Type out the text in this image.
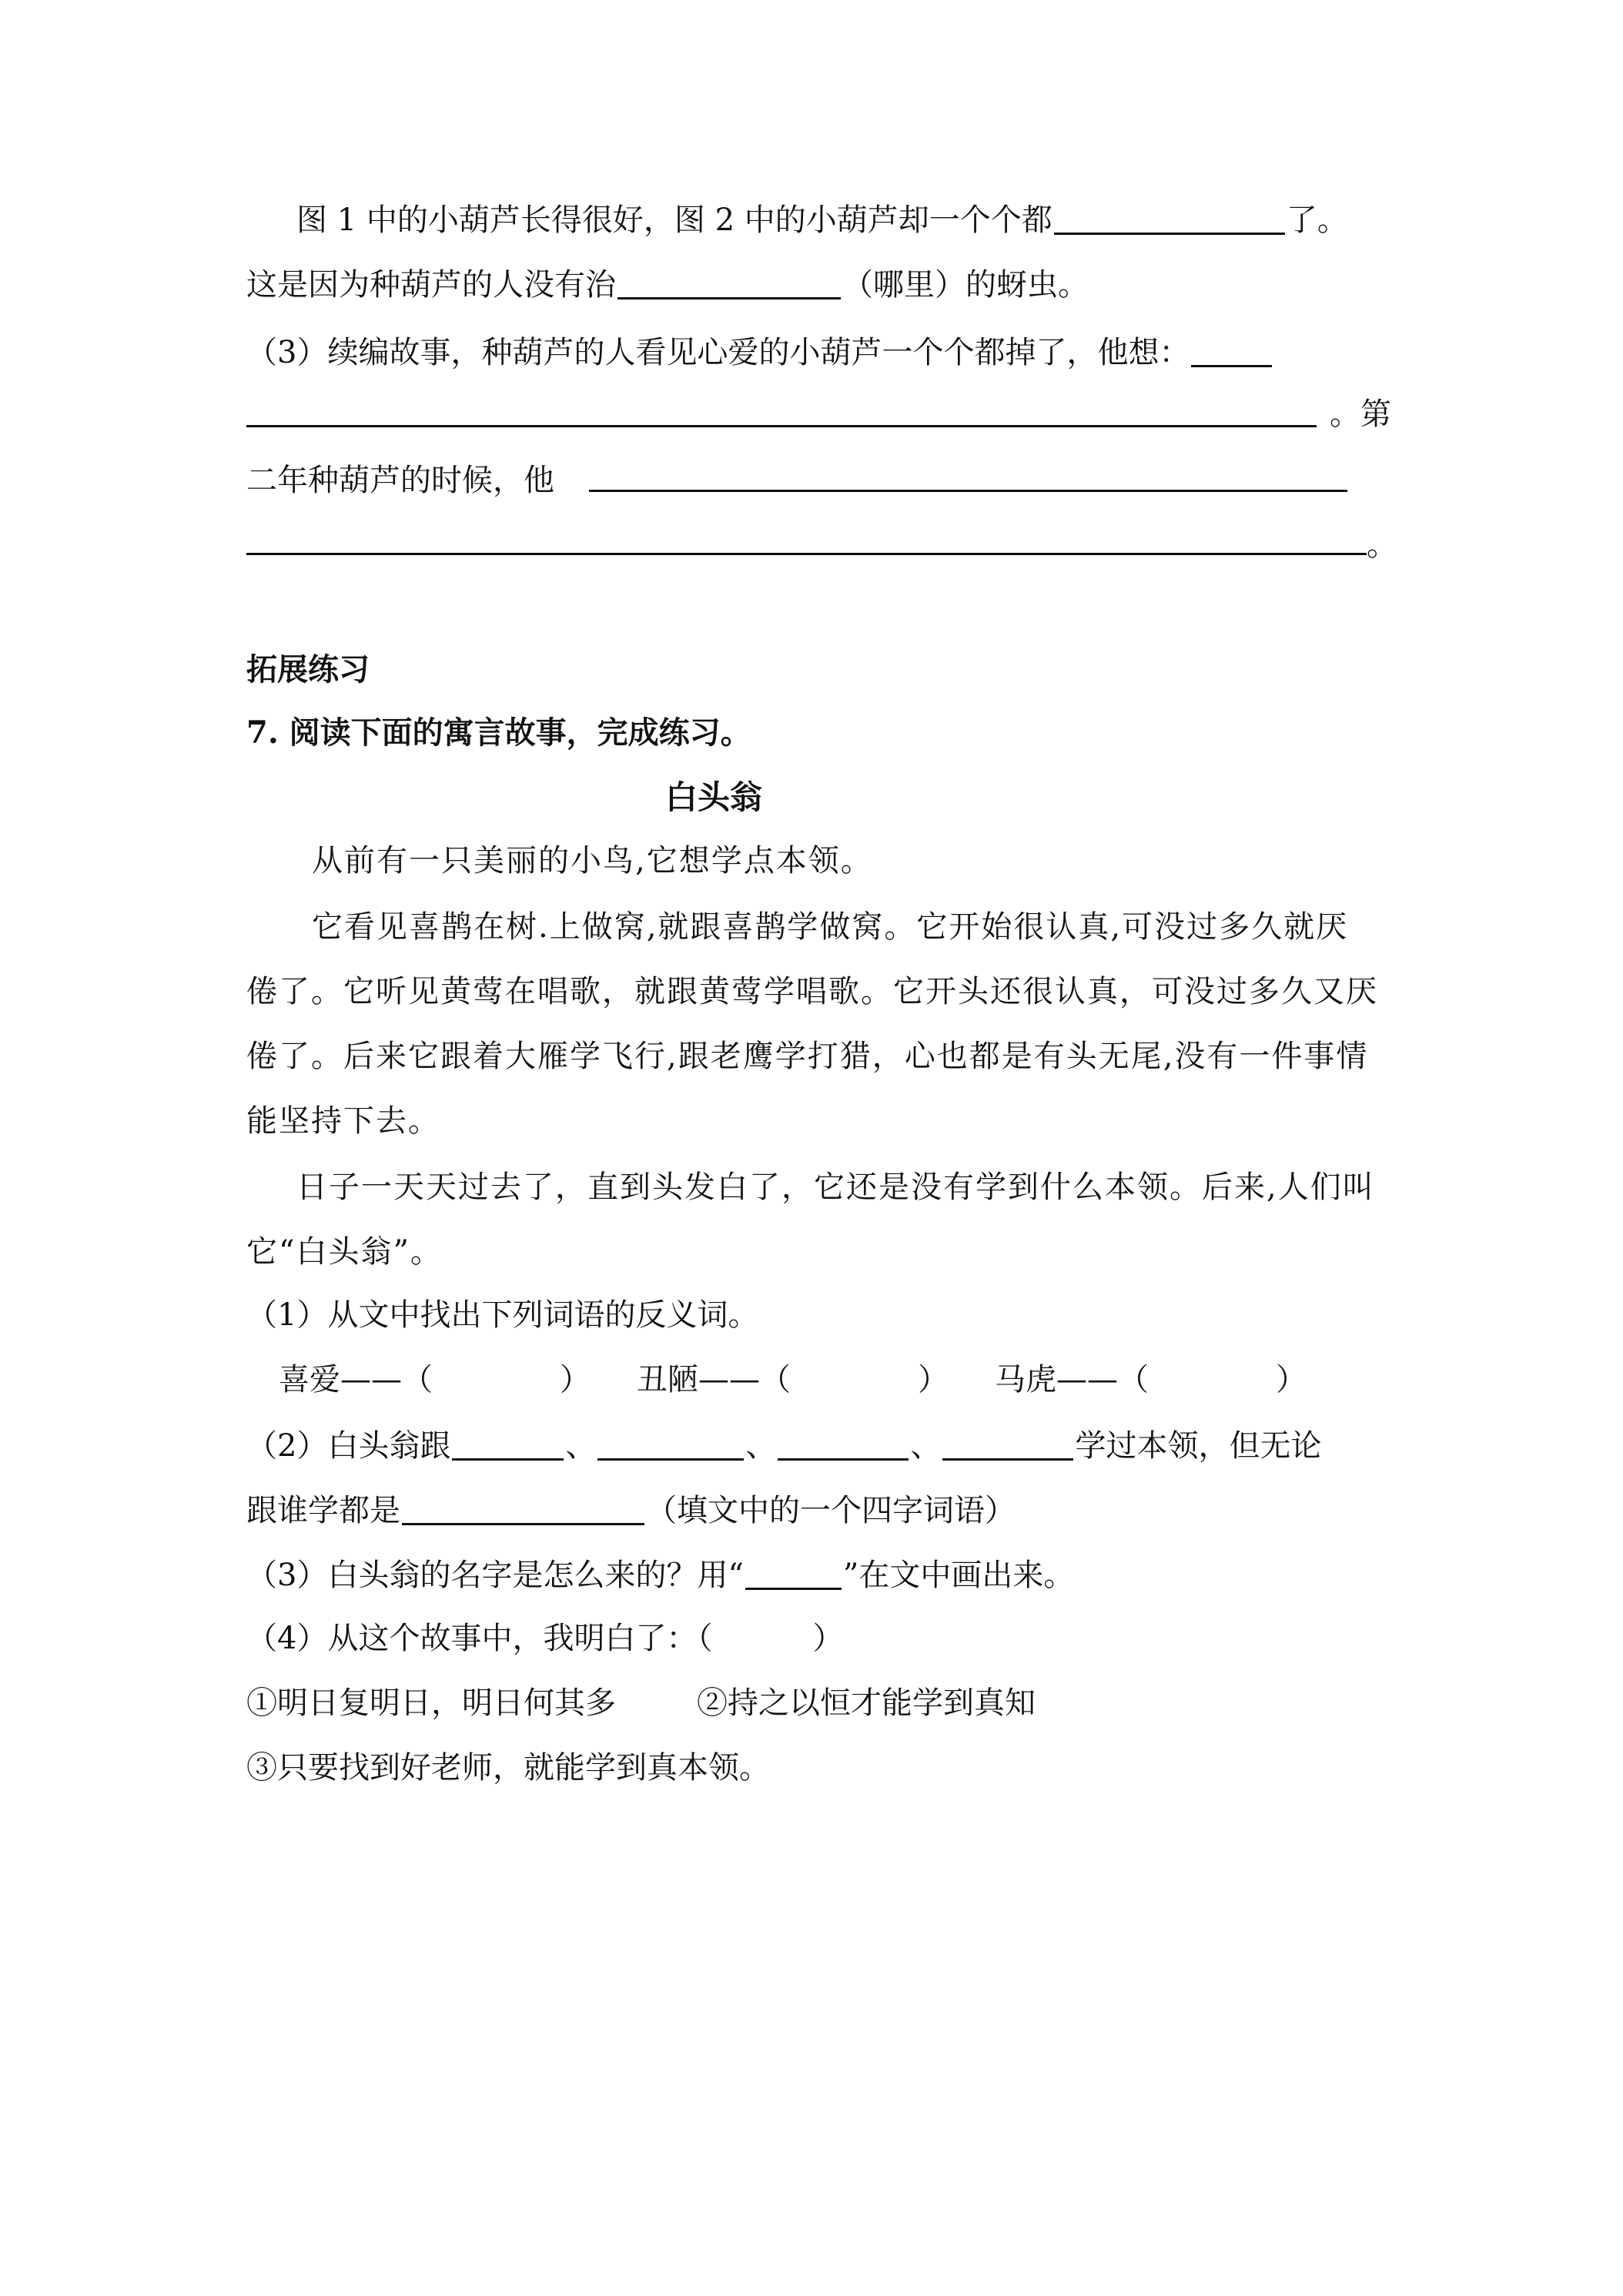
图 1 中的小葫芦长得很好，图 2 中的小葫芦却一个个都	了。
这是因为种葫芦的人没有治	（哪里）的蚜虫。
（3）续编故事，种葫芦的人看见心爱的小葫芦一个个都掉了，他想：
。第
二年种葫芦的时候，他
。
拓展练习
7. 阅读下面的寓言故事，完成练习。
白头翁
从前有一只美丽的小鸟,它想学点本领。
它看见喜鹊在树.上做窝,就跟喜鹊学做窝。它开始很认真,可没过多久就厌
倦了。它听见黄莺在唱歌，就跟黄莺学唱歌。它开头还很认真，可没过多久又厌
倦了。后来它跟着大雁学飞行,跟老鹰学打猎，心也都是有头无尾,没有一件事情
能坚持下去。
日子一天天过去了，直到头发白了，它还是没有学到什么本领。后来,人们叫
它“白头翁”。
（1）从文中找出下列词语的反义词。
喜爱——（	） 丑陋——（	） 马虎——（	）
（2）白头翁跟	、	、	、	学过本领，但无论
跟谁学都是	（填文中的一个四字词语）
（3）白头翁的名字是怎么来的？用“	”在文中画出来。
（4）从这个故事中，我明白了：（	）
①明日复明日，明日何其多	②持之以恒才能学到真知
③只要找到好老师，就能学到真本领。
